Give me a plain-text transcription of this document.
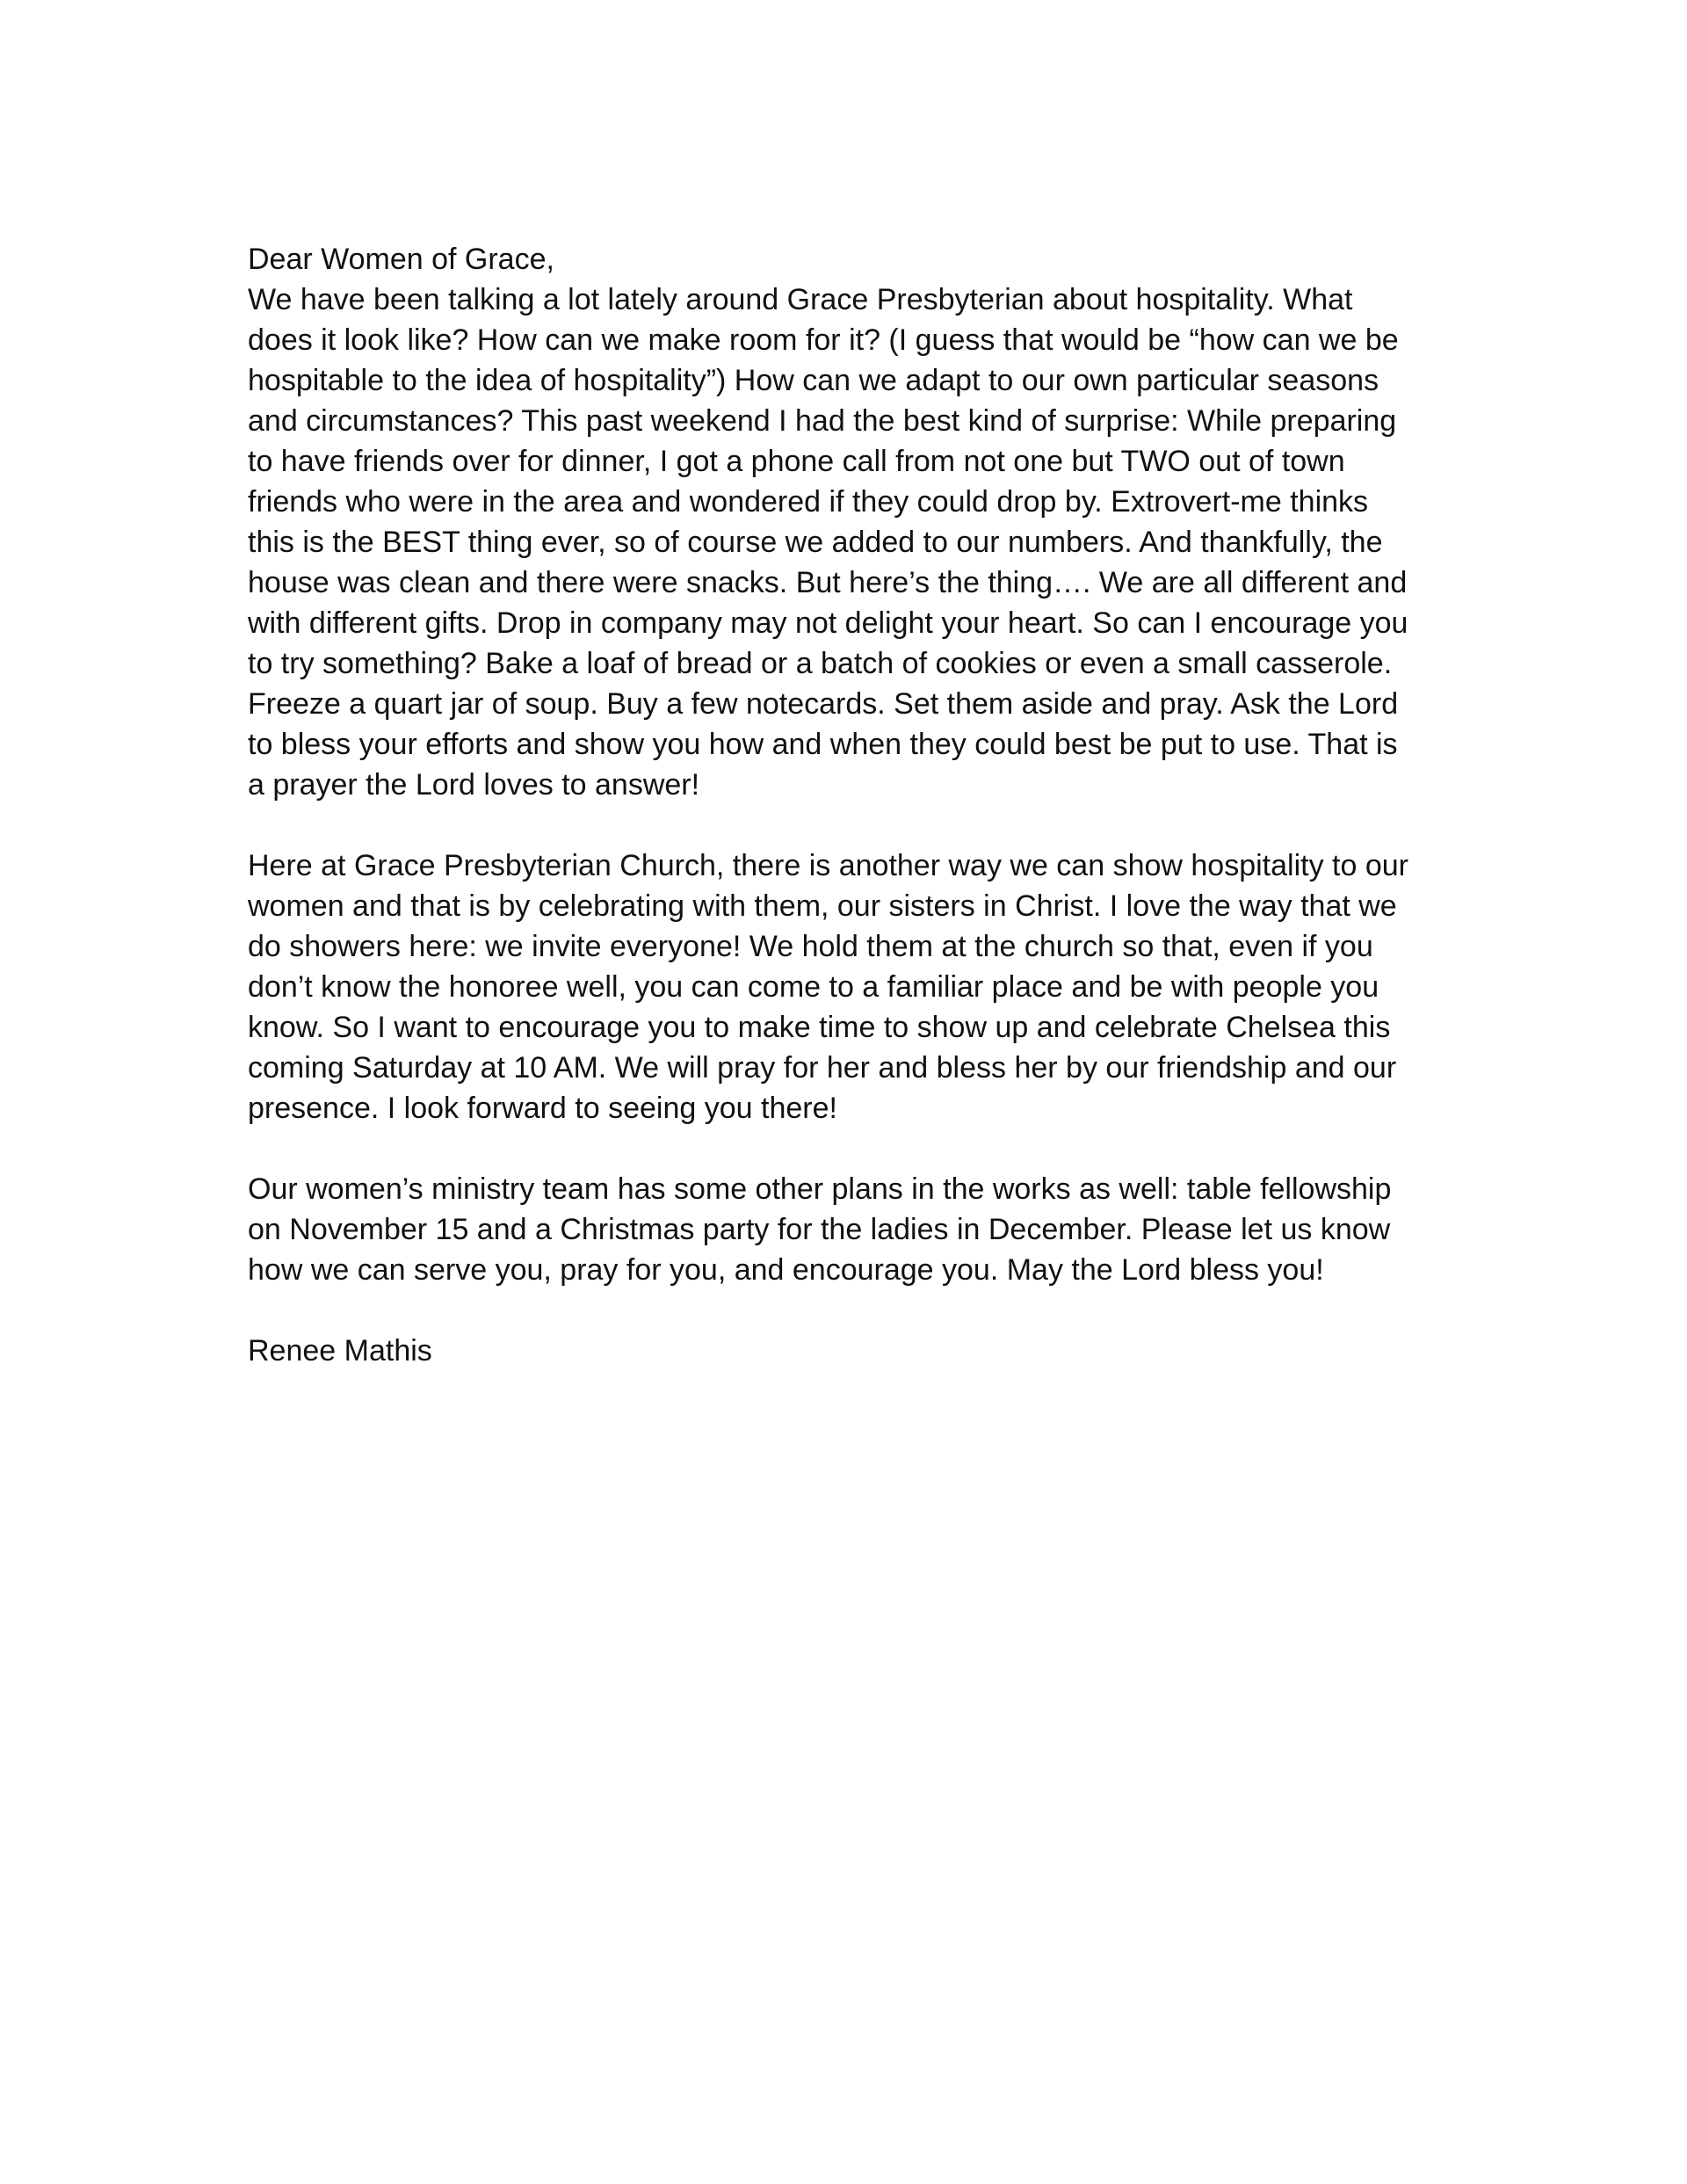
Dear Women of Grace,

We have been talking a lot lately around Grace Presbyterian about hospitality. What
does it look like? How can we make room for it? (I guess that would be “how can we be
hospitable to the idea of hospitality”) How can we adapt to our own particular seasons
and circumstances? This past weekend I had the best kind of surprise: While preparing
to have friends over for dinner, I got a phone call from not one but TWO out of town
friends who were in the area and wondered if they could drop by. Extrovert-me thinks
this is the BEST thing ever, so of course we added to our numbers. And thankfully, the
house was clean and there were snacks. But here’s the thing…. We are all different and
with different gifts. Drop in company may not delight your heart. So can I encourage you
to try something? Bake a loaf of bread or a batch of cookies or even a small casserole.
Freeze a quart jar of soup. Buy a few notecards. Set them aside and pray. Ask the Lord
to bless your efforts and show you how and when they could best be put to use. That is
a prayer the Lord loves to answer!

Here at Grace Presbyterian Church, there is another way we can show hospitality to our
women and that is by celebrating with them, our sisters in Christ. I love the way that we
do showers here: we invite everyone! We hold them at the church so that, even if you
don’t know the honoree well, you can come to a familiar place and be with people you
know. So I want to encourage you to make time to show up and celebrate Chelsea this
coming Saturday at 10 AM. We will pray for her and bless her by our friendship and our
presence. I look forward to seeing you there!

Our women’s ministry team has some other plans in the works as well: table fellowship
on November 15 and a Christmas party for the ladies in December. Please let us know
how we can serve you, pray for you, and encourage you. May the Lord bless you!

Renee Mathis
